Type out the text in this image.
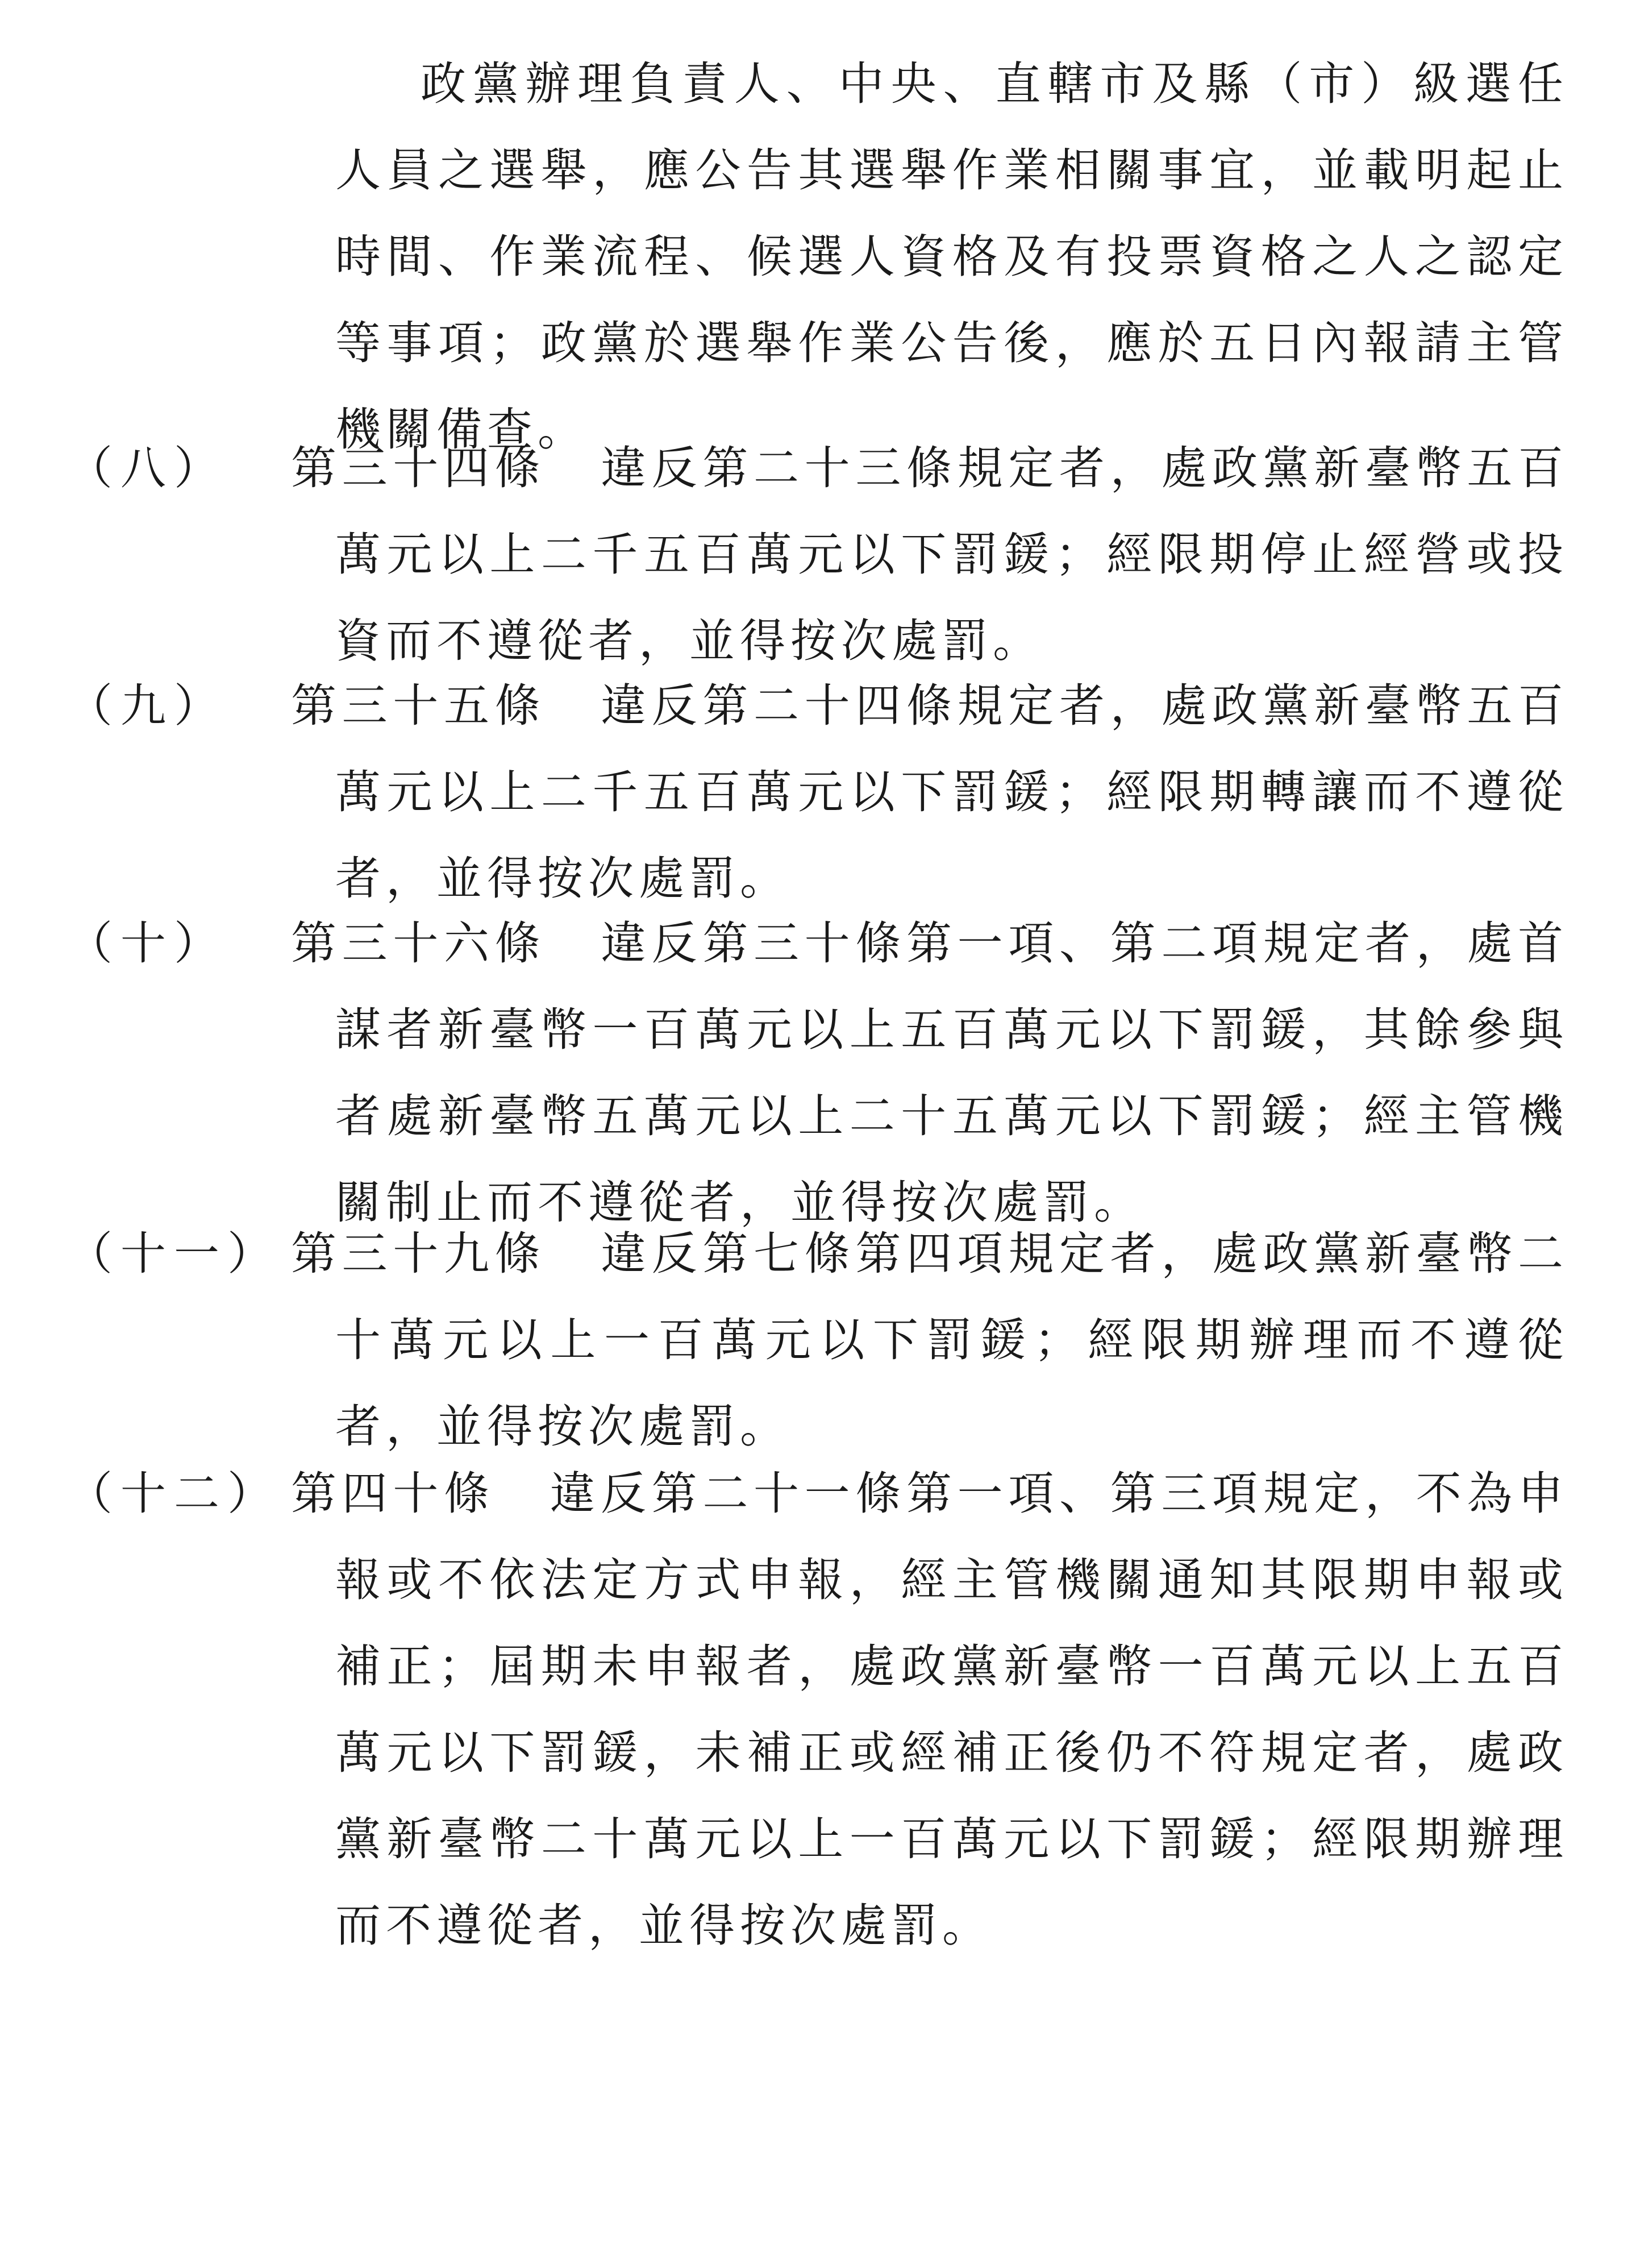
政黨辦理負責人、中央、直轄市及縣（市）級選任人員之選舉，應公告其選舉作業相關事宜，並載明起止時間、作業流程、候選人資格及有投票資格之人之認定等事項；政黨於選舉作業公告後，應於五日內報請主管機關備查。

（八） 第三十四條 違反第二十三條規定者，處政黨新臺幣五百萬元以上二千五百萬元以下罰鍰；經限期停止經營或投資而不遵從者，並得按次處罰。

（九） 第三十五條 違反第二十四條規定者，處政黨新臺幣五百萬元以上二千五百萬元以下罰鍰；經限期轉讓而不遵從者，並得按次處罰。

（十） 第三十六條 違反第三十條第一項、第二項規定者，處首謀者新臺幣一百萬元以上五百萬元以下罰鍰，其餘參與者處新臺幣五萬元以上二十五萬元以下罰鍰；經主管機關制止而不遵從者，並得按次處罰。

（十一） 第三十九條 違反第七條第四項規定者，處政黨新臺幣二十萬元以上一百萬元以下罰鍰；經限期辦理而不遵從者，並得按次處罰。

（十二） 第四十條 違反第二十一條第一項、第三項規定，不為申報或不依法定方式申報，經主管機關通知其限期申報或補正；屆期未申報者，處政黨新臺幣一百萬元以上五百萬元以下罰鍰，未補正或經補正後仍不符規定者，處政黨新臺幣二十萬元以上一百萬元以下罰鍰；經限期辦理而不遵從者，並得按次處罰。
